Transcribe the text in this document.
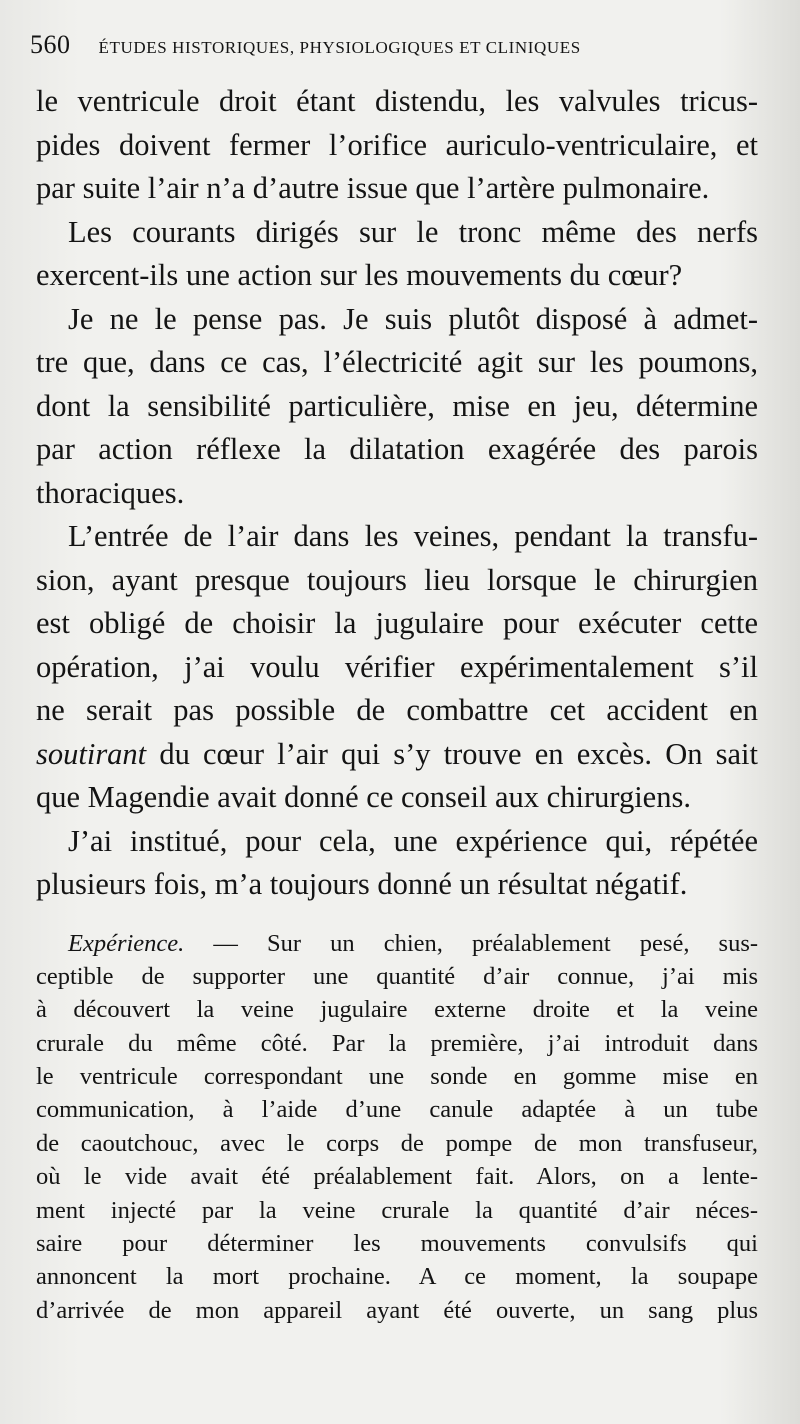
560 ÉTUDES HISTORIQUES, PHYSIOLOGIQUES ET CLINIQUES
le ventricule droit étant distendu, les valvules tricus-
pides doivent fermer l’orifice auriculo-ventriculaire, et
par suite l’air n’a d’autre issue que l’artère pulmonaire.
Les courants dirigés sur le tronc même des nerfs
exercent-ils une action sur les mouvements du cœur?
Je ne le pense pas. Je suis plutôt disposé à admet-
tre que, dans ce cas, l’électricité agit sur les poumons,
dont la sensibilité particulière, mise en jeu, détermine
par action réflexe la dilatation exagérée des parois
thoraciques.
L’entrée de l’air dans les veines, pendant la transfu-
sion, ayant presque toujours lieu lorsque le chirurgien
est obligé de choisir la jugulaire pour exécuter cette
opération, j’ai voulu vérifier expérimentalement s’il
ne serait pas possible de combattre cet accident en
soutirant du cœur l’air qui s’y trouve en excès. On sait
que Magendie avait donné ce conseil aux chirurgiens.
J’ai institué, pour cela, une expérience qui, répétée
plusieurs fois, m’a toujours donné un résultat négatif.
Expérience. — Sur un chien, préalablement pesé, sus-
ceptible de supporter une quantité d’air connue, j’ai mis
à découvert la veine jugulaire externe droite et la veine
crurale du même côté. Par la première, j’ai introduit dans
le ventricule correspondant une sonde en gomme mise en
communication, à l’aide d’une canule adaptée à un tube
de caoutchouc, avec le corps de pompe de mon transfuseur,
où le vide avait été préalablement fait. Alors, on a lente-
ment injecté par la veine crurale la quantité d’air néces-
saire pour déterminer les mouvements convulsifs qui
annoncent la mort prochaine. A ce moment, la soupape
d’arrivée de mon appareil ayant été ouverte, un sang plus
